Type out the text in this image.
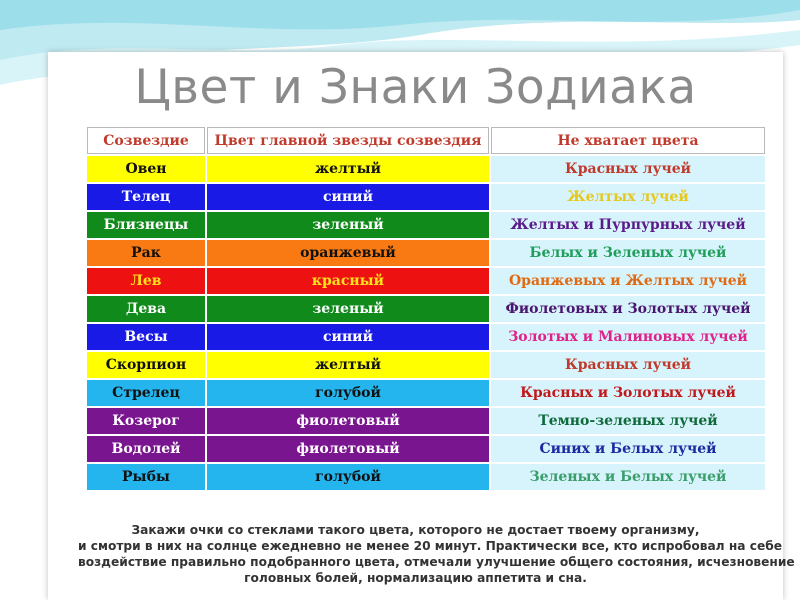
Цвет и Знаки Зодиака
Созвездие	Цвет главной звезды созвездия	Не хватает цвета
Овен	желтый	Красных лучей
Телец	синий	Желтых лучей
Близнецы	зеленый	Желтых и Пурпурных лучей
Рак	оранжевый	Белых и Зеленых лучей
Лев	красный	Оранжевых и Желтых лучей
Дева	зеленый	Фиолетовых и Золотых лучей
Весы	синий	Золотых и Малиновых лучей
Скорпион	желтый	Красных лучей
Стрелец	голубой	Красных и Золотых лучей
Козерог	фиолетовый	Темно-зеленых лучей
Водолей	фиолетовый	Синих и Белых лучей
Рыбы	голубой	Зеленых и Белых лучей
Закажи очки со стеклами такого цвета, которого не достает твоему организму,
и смотри в них на солнце ежедневно не менее 20 минут. Практически все, кто испробовал на себе
воздействие правильно подобранного цвета, отмечали улучшение общего состояния, исчезновение
головных болей, нормализацию аппетита и сна.
